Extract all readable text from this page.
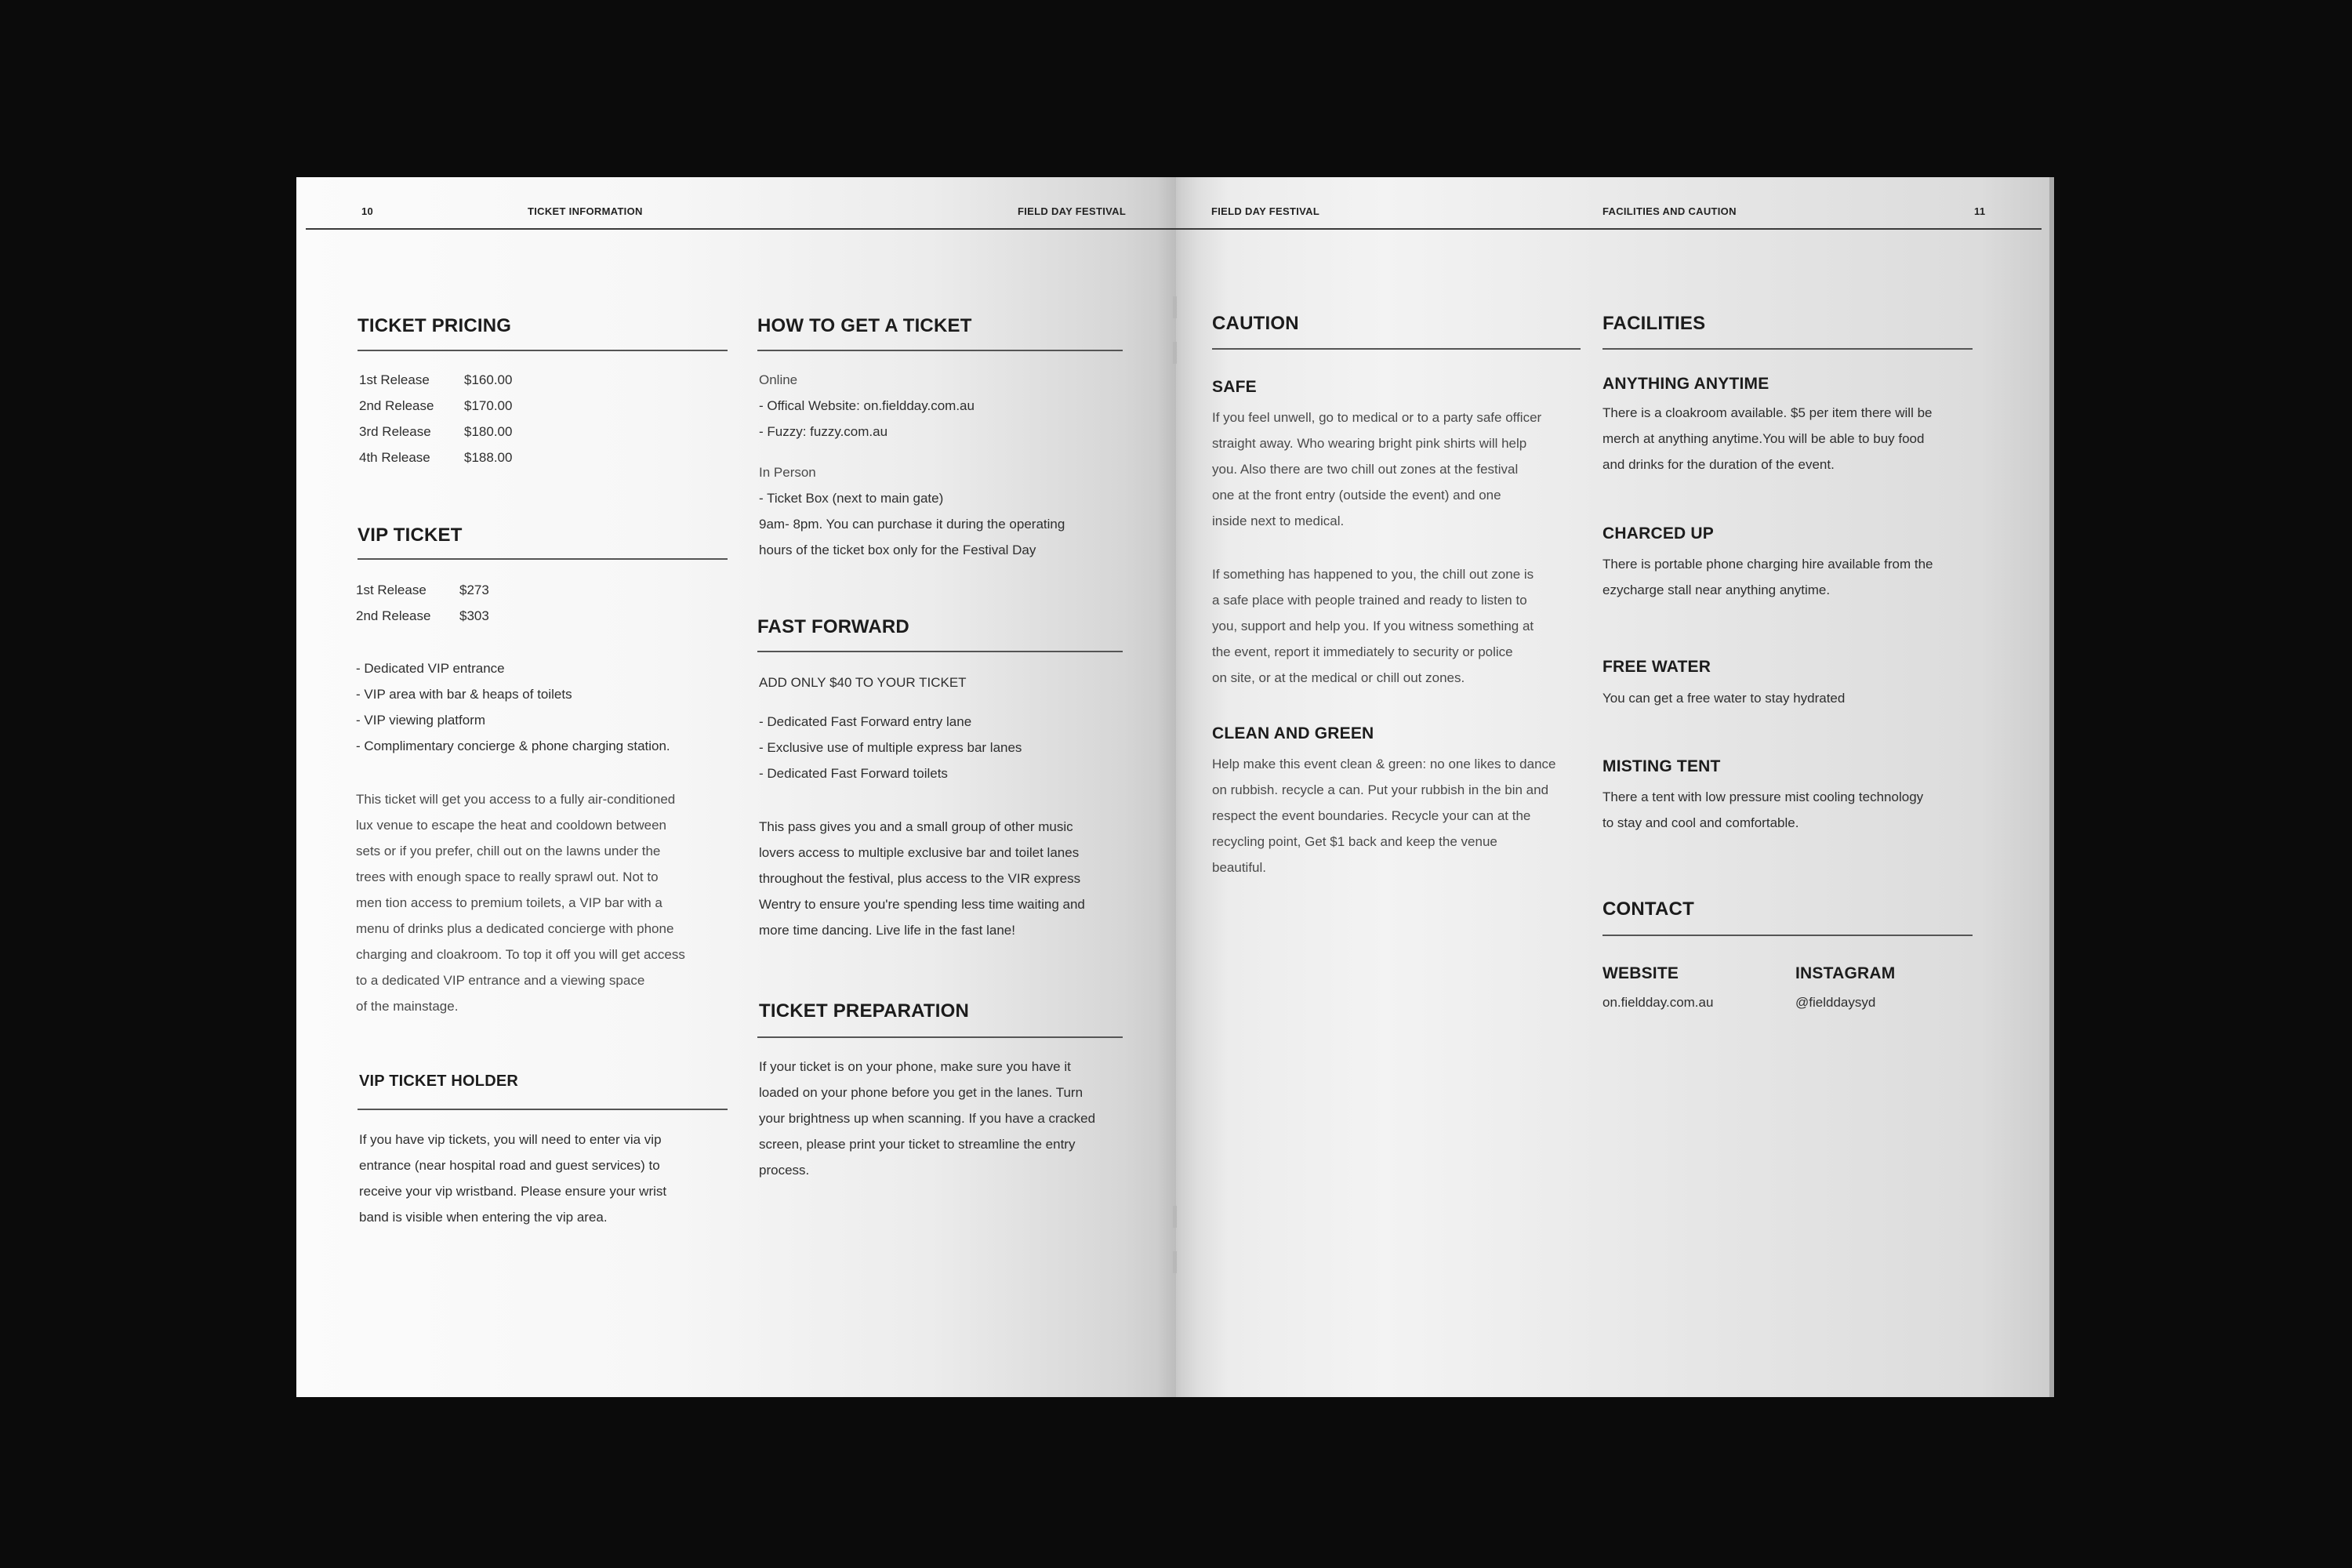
10	TICKET INFORMATION	FIELD DAY FESTIVAL
TICKET PRICING
1st Release	$160.00
2nd Release $170.00
3rd Release $180.00
4th Release	$188.00
VIP TICKET
1st Release $273
2nd Release $303
- Dedicated VIP entrance
- VIP area with bar & heaps of toilets
- VIP viewing platform
- Complimentary concierge & phone charging station.
This ticket will get you access to a fully air-conditioned
lux venue to escape the heat and cooldown between
sets or if you prefer, chill out on the lawns under the
trees with enough space to really sprawl out. Not to
men tion access to premium toilets, a VIP bar with a
menu of drinks plus a dedicated concierge with phone
charging and cloakroom. To top it off you will get access
to a dedicated VIP entrance and a viewing space
of the mainstage.
VIP TICKET HOLDER
If you have vip tickets, you will need to enter via vip
entrance (near hospital road and guest services) to
receive your vip wristband. Please ensure your wrist
band is visible when entering the vip area.
HOW TO GET A TICKET
Online
- Offical Website: on.fieldday.com.au
- Fuzzy: fuzzy.com.au
In Person
- Ticket Box (next to main gate)
9am- 8pm. You can purchase it during the operating
hours of the ticket box only for the Festival Day
FAST FORWARD
ADD ONLY $40 TO YOUR TICKET
- Dedicated Fast Forward entry lane
- Exclusive use of multiple express bar lanes
- Dedicated Fast Forward toilets
This pass gives you and a small group of other music
lovers access to multiple exclusive bar and toilet lanes
throughout the festival, plus access to the VIR express
Wentry to ensure you're spending less time waiting and
more time dancing. Live life in the fast lane!
TICKET PREPARATION
If your ticket is on your phone, make sure you have it
loaded on your phone before you get in the lanes. Turn
your brightness up when scanning. If you have a cracked
screen, please print your ticket to streamline the entry
process.
FIELD DAY FESTIVAL	FACILITIES AND CAUTION	11
CAUTION
SAFE
If you feel unwell, go to medical or to a party safe officer
straight away. Who wearing bright pink shirts will help
you. Also there are two chill out zones at the festival
one at the front entry (outside the event) and one
inside next to medical.
If something has happened to you, the chill out zone is
a safe place with people trained and ready to listen to
you, support and help you. If you witness something at
the event, report it immediately to security or police
on site, or at the medical or chill out zones.
CLEAN AND GREEN
Help make this event clean & green: no one likes to dance
on rubbish. recycle a can. Put your rubbish in the bin and
respect the event boundaries. Recycle your can at the
recycling point, Get $1 back and keep the venue
beautiful.
FACILITIES
ANYTHING ANYTIME
There is a cloakroom available. $5 per item there will be
merch at anything anytime.You will be able to buy food
and drinks for the duration of the event.
CHARCED UP
There is portable phone charging hire available from the
ezycharge stall near anything anytime.
FREE WATER
You can get a free water to stay hydrated
MISTING TENT
There a tent with low pressure mist cooling technology
to stay and cool and comfortable.
CONTACT
WEBSITE
on.fieldday.com.au
INSTAGRAM
@fielddaysyd
